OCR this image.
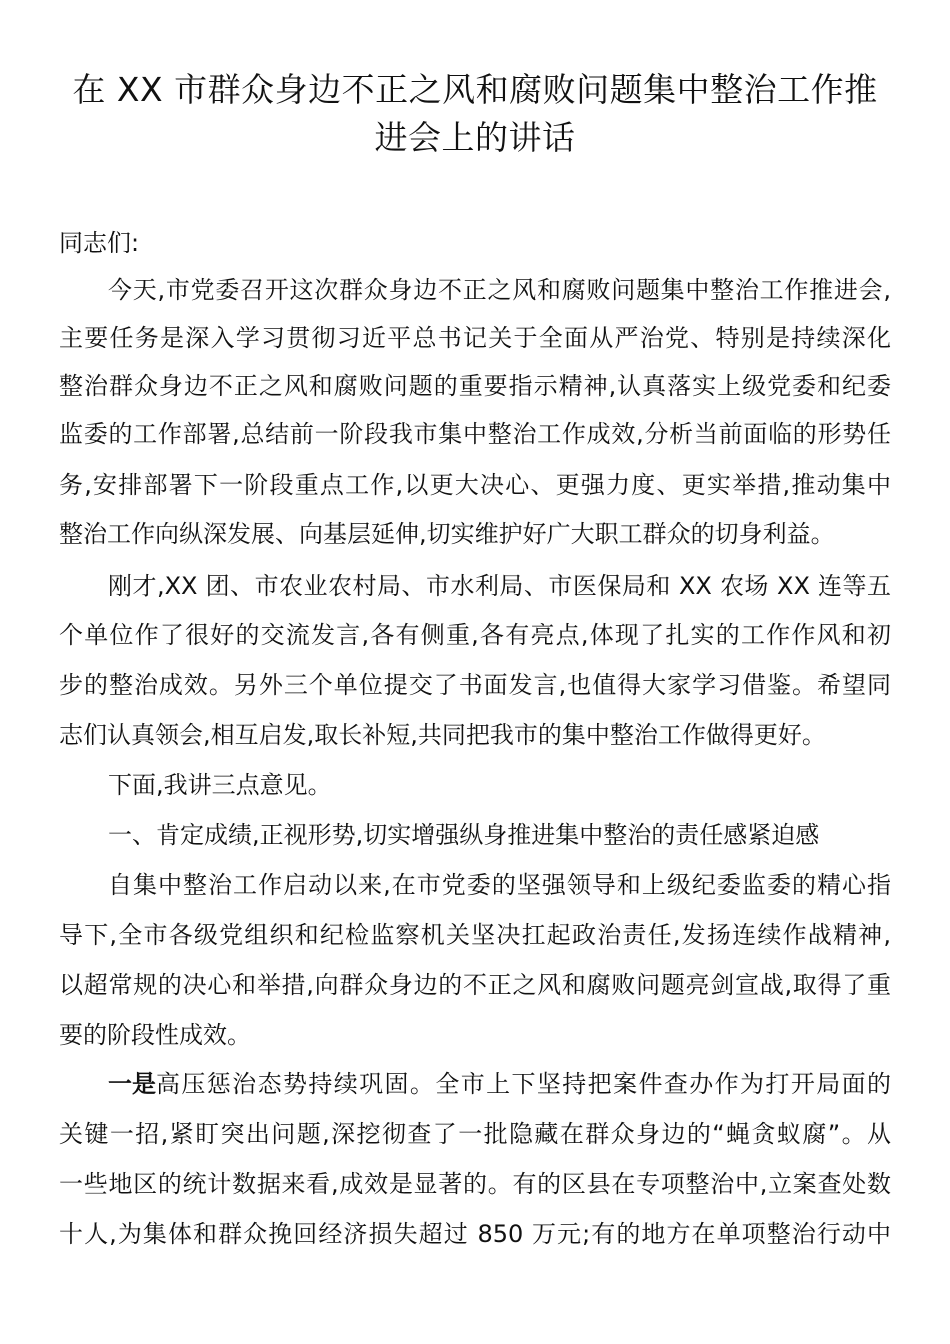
在 XX 市群众身边不正之风和腐败问题集中整治工作推
进会上的讲话
同志们:
今天,市党委召开这次群众身边不正之风和腐败问题集中整治工作推进会,
主要任务是深入学习贯彻习近平总书记关于全面从严治党、特别是持续深化
整治群众身边不正之风和腐败问题的重要指示精神,认真落实上级党委和纪委
监委的工作部署,总结前一阶段我市集中整治工作成效,分析当前面临的形势任
务,安排部署下一阶段重点工作,以更大决心、更强力度、更实举措,推动集中
整治工作向纵深发展、向基层延伸,切实维护好广大职工群众的切身利益。
刚才,XX 团、市农业农村局、市水利局、市医保局和 XX 农场 XX 连等五
个单位作了很好的交流发言,各有侧重,各有亮点,体现了扎实的工作作风和初
步的整治成效。另外三个单位提交了书面发言,也值得大家学习借鉴。希望同
志们认真领会,相互启发,取长补短,共同把我市的集中整治工作做得更好。
下面,我讲三点意见。
一、肯定成绩,正视形势,切实增强纵身推进集中整治的责任感紧迫感
自集中整治工作启动以来,在市党委的坚强领导和上级纪委监委的精心指
导下,全市各级党组织和纪检监察机关坚决扛起政治责任,发扬连续作战精神,
以超常规的决心和举措,向群众身边的不正之风和腐败问题亮剑宣战,取得了重
要的阶段性成效。
一是 高压惩治态势持续巩固。全市上下坚持把案件查办作为打开局面的
关键一招,紧盯突出问题,深挖彻查了一批隐藏在群众身边的“蝇贪蚁腐”。从
一些地区的统计数据来看,成效是显著的。有的区县在专项整治中,立案查处数
十人,为集体和群众挽回经济损失超过 850 万元;有的地方在单项整治行动中
